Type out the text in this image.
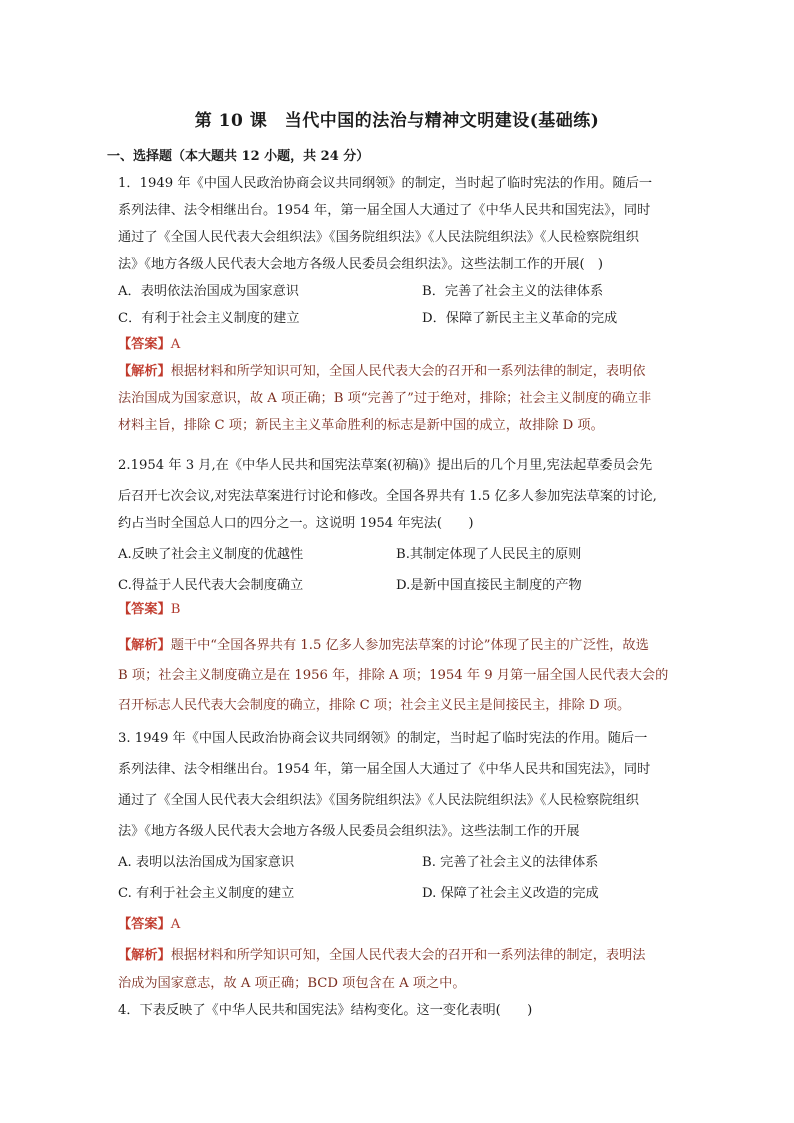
第 10 课　当代中国的法治与精神文明建设(基础练)
一、选择题（本大题共 12 小题，共 24 分）
1．1949 年《中国人民政治协商会议共同纲领》的制定，当时起了临时宪法的作用。随后一
系列法律、法令相继出台。1954 年，第一届全国人大通过了《中华人民共和国宪法》，同时
通过了《全国人民代表大会组织法》《国务院组织法》《人民法院组织法》《人民检察院组织
法》《地方各级人民代表大会地方各级人民委员会组织法》。这些法制工作的开展(　)
A．表明依法治国成为国家意识	B．完善了社会主义的法律体系
C．有利于社会主义制度的建立	D．保障了新民主主义革命的完成
【答案】A
【解析】根据材料和所学知识可知，全国人民代表大会的召开和一系列法律的制定，表明依
法治国成为国家意识，故 A 项正确；B 项“完善了”过于绝对，排除；社会主义制度的确立非
材料主旨，排除 C 项；新民主主义革命胜利的标志是新中国的成立，故排除 D 项。
2.1954 年 3 月,在《中华人民共和国宪法草案(初稿)》提出后的几个月里,宪法起草委员会先
后召开七次会议,对宪法草案进行讨论和修改。全国各界共有 1.5 亿多人参加宪法草案的讨论,
约占当时全国总人口的四分之一。这说明 1954 年宪法(　　)
A.反映了社会主义制度的优越性	B.其制定体现了人民民主的原则
C.得益于人民代表大会制度确立	D.是新中国直接民主制度的产物
【答案】B
【解析】题干中“全国各界共有 1.5 亿多人参加宪法草案的讨论”体现了民主的广泛性，故选
B 项；社会主义制度确立是在 1956 年，排除 A 项；1954 年 9 月第一届全国人民代表大会的
召开标志人民代表大会制度的确立，排除 C 项；社会主义民主是间接民主，排除 D 项。
3. 1949 年《中国人民政治协商会议共同纲领》的制定，当时起了临时宪法的作用。随后一
系列法律、法令相继出台。1954 年，第一届全国人大通过了《中华人民共和国宪法》，同时
通过了《全国人民代表大会组织法》《国务院组织法》《人民法院组织法》《人民检察院组织
法》《地方各级人民代表大会地方各级人民委员会组织法》。这些法制工作的开展
A. 表明以法治国成为国家意识	B. 完善了社会主义的法律体系
C. 有利于社会主义制度的建立	D. 保障了社会主义改造的完成
【答案】A
【解析】根据材料和所学知识可知，全国人民代表大会的召开和一系列法律的制定，表明法
治成为国家意志，故 A 项正确；BCD 项包含在 A 项之中。
4．下表反映了《中华人民共和国宪法》结构变化。这一变化表明(　　)
